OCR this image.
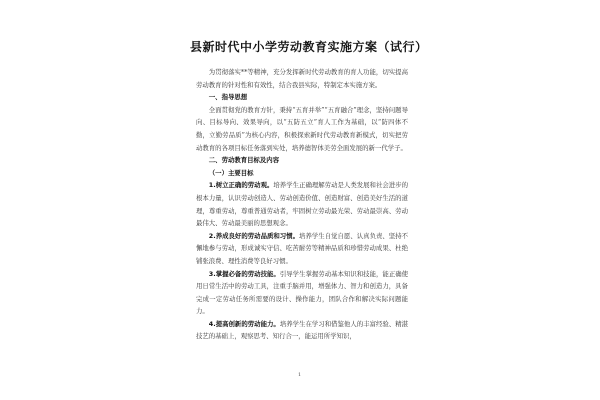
县新时代中小学劳动教育实施方案（试行）

为贯彻落实**等精神，充分发挥新时代劳动教育的育人功能，切实提高劳动教育的针对性和有效性，结合我县实际，特制定本实施方案。

一、指导思想

全面贯彻党的教育方针，秉持“五育并举”“五育融合”理念，坚持问题导向、目标导向、效果导向，以“五防五立”育人工作为基础，以“防四体不勤，立勤劳品质”为核心内容，积极探索新时代劳动教育新模式，切实把劳动教育的各项目标任务落到实处，培养德智体美劳全面发展的新一代学子。

二、劳动教育目标及内容

（一）主要目标

1.树立正确的劳动观。培养学生正确理解劳动是人类发展和社会进步的根本力量，认识劳动创造人、劳动创造价值、创造财富、创造美好生活的道理，尊重劳动，尊重普通劳动者，牢固树立劳动最光荣、劳动最崇高、劳动最伟大、劳动最美丽的思想观念。

2.养成良好的劳动品质和习惯。培养学生自觉自愿、认真负责、坚持不懈地参与劳动，形成诚实守信、吃苦耐劳等精神品质和珍惜劳动成果、杜绝铺张浪费、理性消费等良好习惯。

3.掌握必备的劳动技能。引导学生掌握劳动基本知识和技能，能正确使用日常生活中的劳动工具，注重手脑并用，增强体力、智力和创造力，具备完成一定劳动任务所需要的设计、操作能力，团队合作和解决实际问题能力。

4.提高创新的劳动能力。培养学生在学习和借鉴他人的丰富经验、精湛技艺的基础上，观察思考、知行合一，能运用所学知识，

1
